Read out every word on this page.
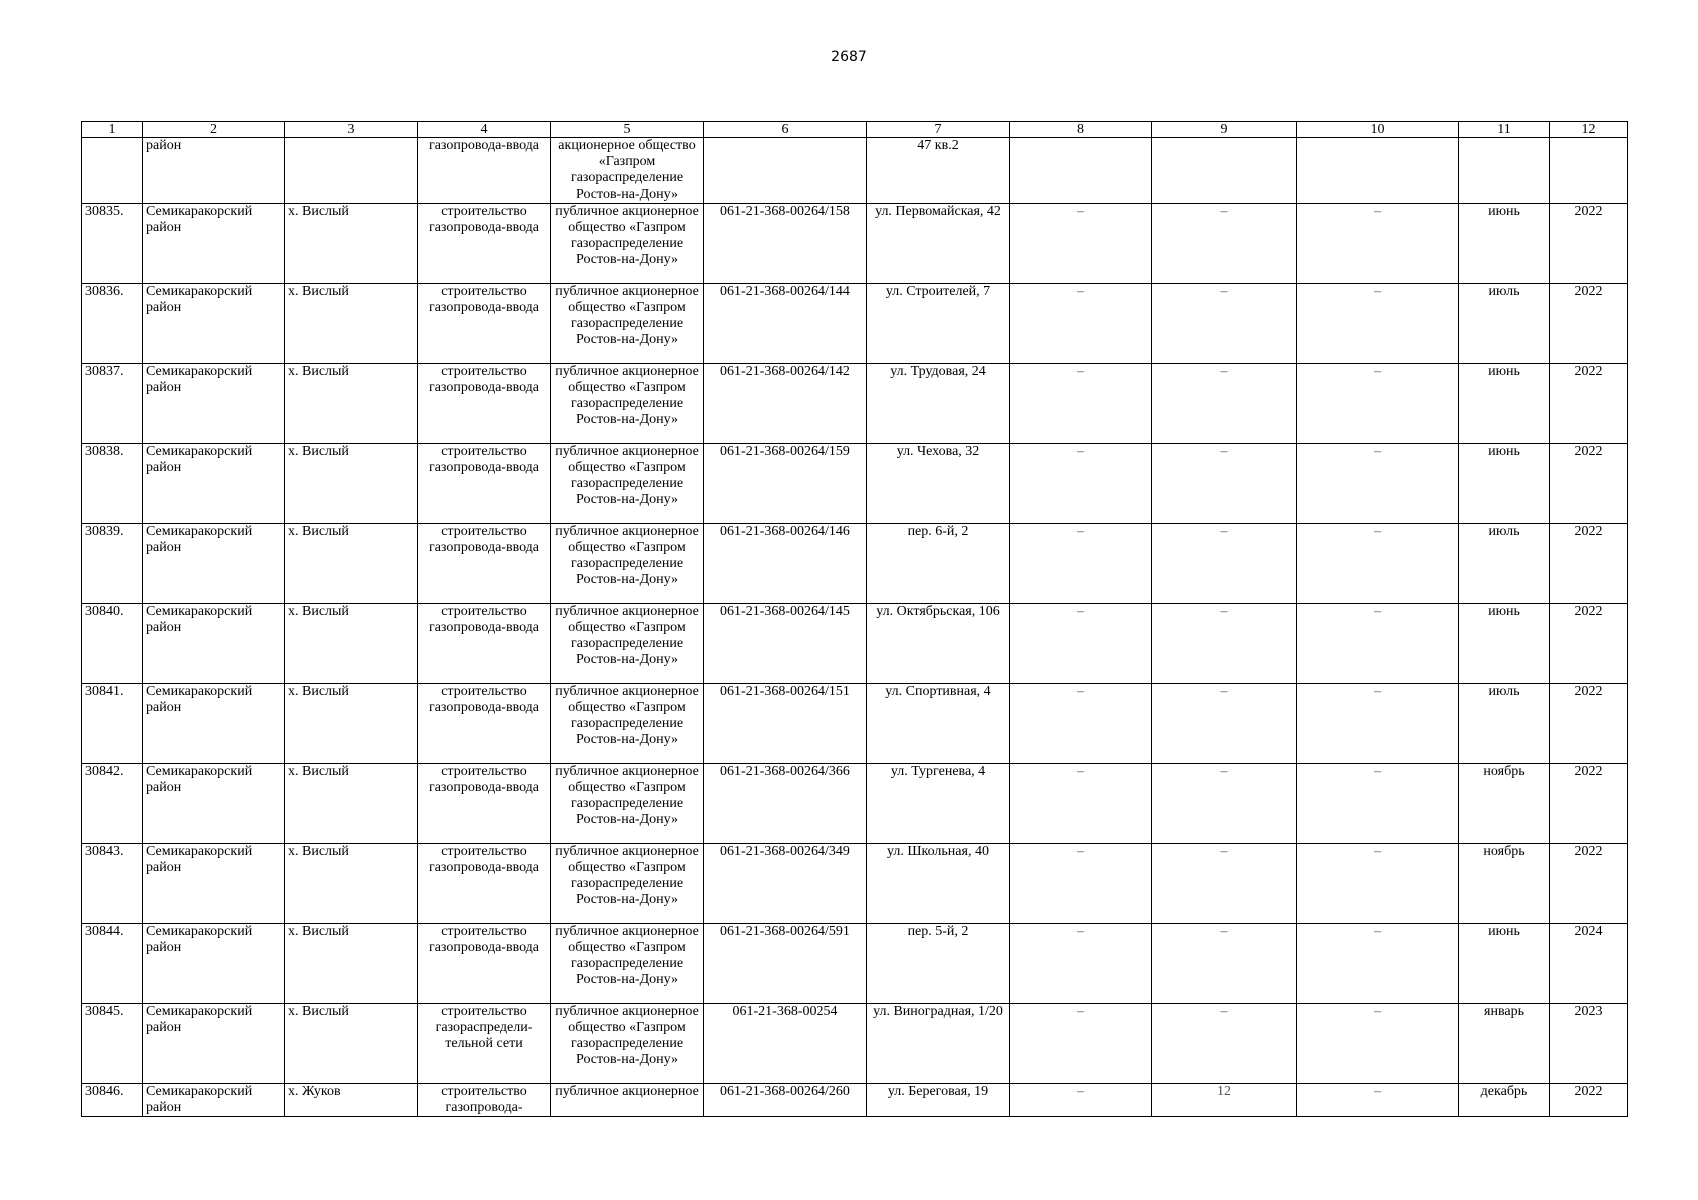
2687
1	2	3	4	5	6	7	8	9	10	11	12
	район		газопровода-ввода	акционерное общество «Газпром газораспределение Ростов-на-Дону»		47 кв.2					
30835.	Семикаракорский район	х. Вислый	строительство газопровода-ввода	публичное акционерное общество «Газпром газораспределение Ростов-на-Дону»	061-21-368-00264/158	ул. Первомайская, 42	–	–	–	июнь	2022
30836.	Семикаракорский район	х. Вислый	строительство газопровода-ввода	публичное акционерное общество «Газпром газораспределение Ростов-на-Дону»	061-21-368-00264/144	ул. Строителей, 7	–	–	–	июль	2022
30837.	Семикаракорский район	х. Вислый	строительство газопровода-ввода	публичное акционерное общество «Газпром газораспределение Ростов-на-Дону»	061-21-368-00264/142	ул. Трудовая, 24	–	–	–	июнь	2022
30838.	Семикаракорский район	х. Вислый	строительство газопровода-ввода	публичное акционерное общество «Газпром газораспределение Ростов-на-Дону»	061-21-368-00264/159	ул. Чехова, 32	–	–	–	июнь	2022
30839.	Семикаракорский район	х. Вислый	строительство газопровода-ввода	публичное акционерное общество «Газпром газораспределение Ростов-на-Дону»	061-21-368-00264/146	пер. 6-й, 2	–	–	–	июль	2022
30840.	Семикаракорский район	х. Вислый	строительство газопровода-ввода	публичное акционерное общество «Газпром газораспределение Ростов-на-Дону»	061-21-368-00264/145	ул. Октябрьская, 106	–	–	–	июнь	2022
30841.	Семикаракорский район	х. Вислый	строительство газопровода-ввода	публичное акционерное общество «Газпром газораспределение Ростов-на-Дону»	061-21-368-00264/151	ул. Спортивная, 4	–	–	–	июль	2022
30842.	Семикаракорский район	х. Вислый	строительство газопровода-ввода	публичное акционерное общество «Газпром газораспределение Ростов-на-Дону»	061-21-368-00264/366	ул. Тургенева, 4	–	–	–	ноябрь	2022
30843.	Семикаракорский район	х. Вислый	строительство газопровода-ввода	публичное акционерное общество «Газпром газораспределение Ростов-на-Дону»	061-21-368-00264/349	ул. Школьная, 40	–	–	–	ноябрь	2022
30844.	Семикаракорский район	х. Вислый	строительство газопровода-ввода	публичное акционерное общество «Газпром газораспределение Ростов-на-Дону»	061-21-368-00264/591	пер. 5-й, 2	–	–	–	июнь	2024
30845.	Семикаракорский район	х. Вислый	строительство газораспредели-тельной сети	публичное акционерное общество «Газпром газораспределение Ростов-на-Дону»	061-21-368-00254	ул. Виноградная, 1/20	–	–	–	январь	2023
30846.	Семикаракорский район	х. Жуков	строительство газопровода-	публичное акционерное	061-21-368-00264/260	ул. Береговая, 19	–	12	–	декабрь	2022
